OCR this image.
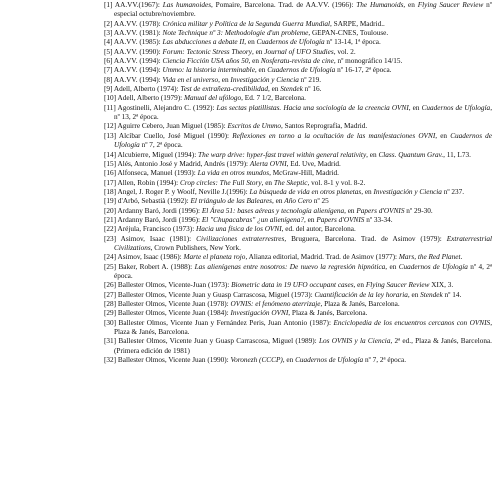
[1] AA.VV.(1967): Las humanoides, Pomaire, Barcelona. Trad. de AA.VV. (1966): The Humanoids, en Flying Saucer Review nº especial octubre/noviembre.

[2] AA.VV. (1978): Crónica militar y Política de la Segunda Guerra Mundial, SARPE, Madrid..

[3] AA.VV. (1981): Note Technique nº 3: Methodologie d'un probleme, GEPAN-CNES, Toulouse.

[4] AA.VV. (1985): Las abducciones a debate II, en Cuadernos de Ufología nº 13-14, 1ª época.

[5] AA.VV. (1990): Forum: Tectonic Stress Theory, en Journal of UFO Studies, vol. 2.

[6] AA.VV. (1994): Ciencia Ficción USA años 50, en Nosferatu-revista de cine, nº monográfico 14/15.

[7] AA.VV. (1994): Ummo: la historia interminable, en Cuadernos de Ufología nº 16-17, 2ª época.

[8] AA.VV. (1994): Vida en el universo, en Investigación y Ciencia nº 219.

[9] Adell, Alberto (1974): Test de extrañeza-credibilidad, en Stendek nº 16.

[10] Adell, Alberto (1979): Manual del ufólogo, Ed. 7 1/2, Barcelona.

[11] Agostinelli, Alejandro C. (1992): Las sectas platillistas. Hacia una sociología de la creencia OVNI, en Cuadernos de Ufología, nº 13, 2ª época.

[12] Aguirre Cebero, Juan Miguel (1985): Escritos de Ummo, Santos Reprografía, Madrid.

[13] Alcíbar Cuello, José Miguel (1990): Reflexiones en torno a la ocultación de las manifestaciones OVNI, en Cuadernos de Ufología nº 7, 2ª época.

[14] Alcubierre, Miguel (1994): The warp drive: hyper-fast travel within general relativity, en Class. Quantum Grav., 11, L73.

[15] Alés, Antonio José y Madrid, Andrés (1979): Alerta OVNI, Ed. Uve, Madrid.

[16] Alfonseca, Manuel (1993): La vida en otros mundos, McGraw-Hill, Madrid.

[17] Allen, Robin (1994): Crop circles: The Full Story, en The Skeptic, vol. 8-1 y vol. 8-2.

[18] Angel, J. Roger P. y Woolf, Neville J.(1996): La búsqueda de vida en otros planetas, en Investigación y Ciencia nº 237.

[19] d'Arbó, Sebastià (1992): El triángulo de las Baleares, en Año Cero nº 25

[20] Ardanny Baró, Jordi (1996): El Área 51: bases aéreas y tecnología alienígena, en Papers d'OVNIS nº 29-30.

[21] Ardanny Baró, Jordi (1996): El "Chupacabras" ¿un alienígena?, en Papers d'OVNIS nº 33-34.

[22] Aréjula, Francisco (1973): Hacia una física de los OVNI, ed. del autor, Barcelona.

[23] Asimov, Isaac (1981): Civilizaciones extraterrestres, Bruguera, Barcelona. Trad. de Asimov (1979): Extraterrestrial Civilizations, Crown Publishers, New York.

[24] Asimov, Isaac (1986): Marte el planeta rojo, Alianza editorial, Madrid. Trad. de Asimov (1977): Mars, the Red Planet.

[25] Baker, Robert A. (1988): Las alienígenas entre nosotros: De nuevo la regresión hipnótica, en Cuadernos de Ufología nº 4, 2ª época.

[26] Ballester Olmos, Vicente-Juan (1973): Biometric data in 19 UFO occupant cases, en Flying Saucer Review XIX, 3.

[27] Ballester Olmos, Vicente Juan y Guasp Carrascosa, Miguel (1973): Cuantificación de la ley horaria, en Stendek nº 14.

[28] Ballester Olmos, Vicente Juan (1978): OVNIS: el fenómeno aterrizaje, Plaza & Janés, Barcelona.

[29] Ballester Olmos, Vicente Juan (1984): Investigación OVNI, Plaza & Janés, Barcelona.

[30] Ballester Olmos, Vicente Juan y Fernández Peris, Juan Antonio (1987): Enciclopedia de los encuentros cercanos con OVNIS, Plaza & Janés, Barcelona.

[31] Ballester Olmos, Vicente Juan y Guasp Carrascosa, Miguel (1989): Los OVNIS y la Ciencia, 2ª ed., Plaza & Janés, Barcelona. (Primera edición de 1981)

[32] Ballester Olmos, Vicente Juan (1990): Voronezh (CCCP), en Cuadernos de Ufología nº 7, 2ª época.
